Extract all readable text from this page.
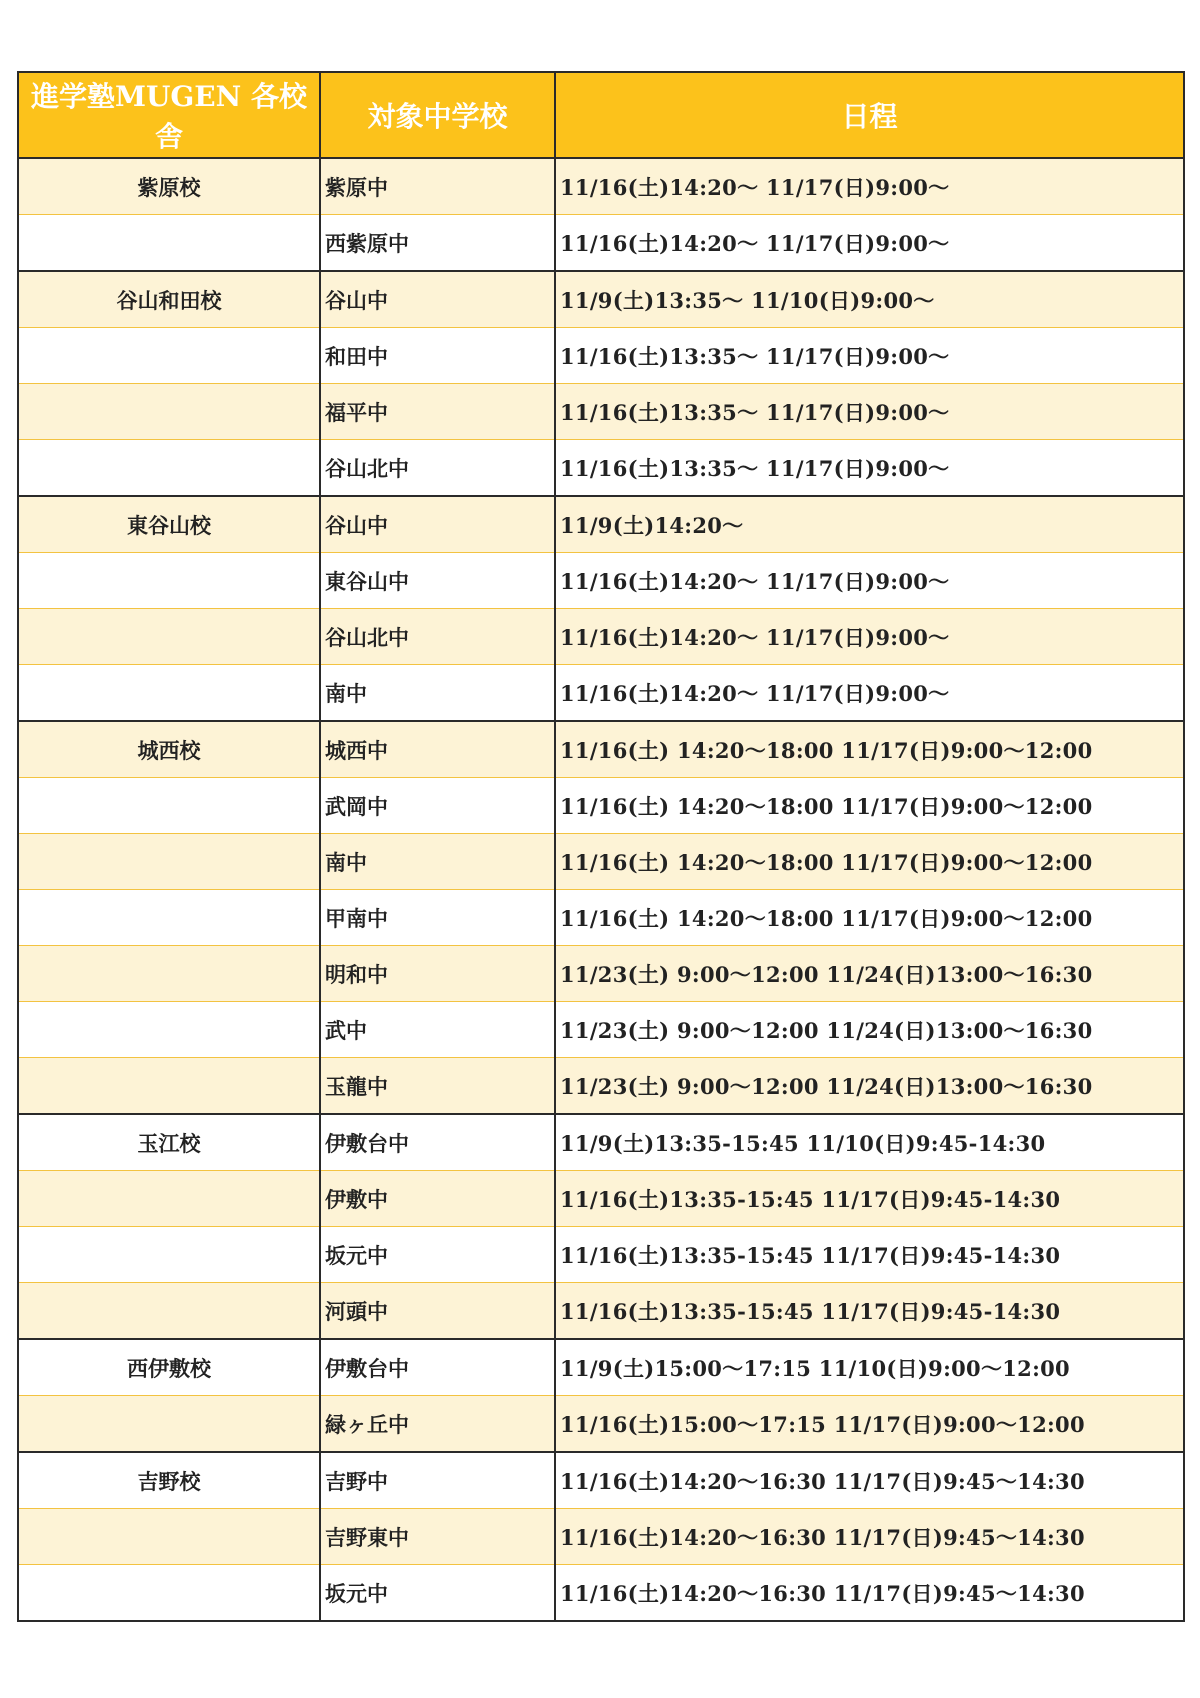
進学塾MUGEN 各校舎	対象中学校	日程
紫原校	紫原中	11/16(土)14:20～ 11/17(日)9:00～
	西紫原中	11/16(土)14:20～ 11/17(日)9:00～
谷山和田校	谷山中	11/9(土)13:35～ 11/10(日)9:00～
	和田中	11/16(土)13:35～ 11/17(日)9:00～
	福平中	11/16(土)13:35～ 11/17(日)9:00～
	谷山北中	11/16(土)13:35～ 11/17(日)9:00～
東谷山校	谷山中	11/9(土)14:20～
	東谷山中	11/16(土)14:20～ 11/17(日)9:00～
	谷山北中	11/16(土)14:20～ 11/17(日)9:00～
	南中	11/16(土)14:20～ 11/17(日)9:00～
城西校	城西中	11/16(土) 14:20～18:00 11/17(日)9:00～12:00
	武岡中	11/16(土) 14:20～18:00 11/17(日)9:00～12:00
	南中	11/16(土) 14:20～18:00 11/17(日)9:00～12:00
	甲南中	11/16(土) 14:20～18:00 11/17(日)9:00～12:00
	明和中	11/23(土) 9:00～12:00 11/24(日)13:00～16:30
	武中	11/23(土) 9:00～12:00 11/24(日)13:00～16:30
	玉龍中	11/23(土) 9:00～12:00 11/24(日)13:00～16:30
玉江校	伊敷台中	11/9(土)13:35-15:45 11/10(日)9:45-14:30
	伊敷中	11/16(土)13:35-15:45 11/17(日)9:45-14:30
	坂元中	11/16(土)13:35-15:45 11/17(日)9:45-14:30
	河頭中	11/16(土)13:35-15:45 11/17(日)9:45-14:30
西伊敷校	伊敷台中	11/9(土)15:00～17:15 11/10(日)9:00～12:00
	緑ヶ丘中	11/16(土)15:00～17:15 11/17(日)9:00～12:00
吉野校	吉野中	11/16(土)14:20～16:30 11/17(日)9:45～14:30
	吉野東中	11/16(土)14:20～16:30 11/17(日)9:45～14:30
	坂元中	11/16(土)14:20～16:30 11/17(日)9:45～14:30
